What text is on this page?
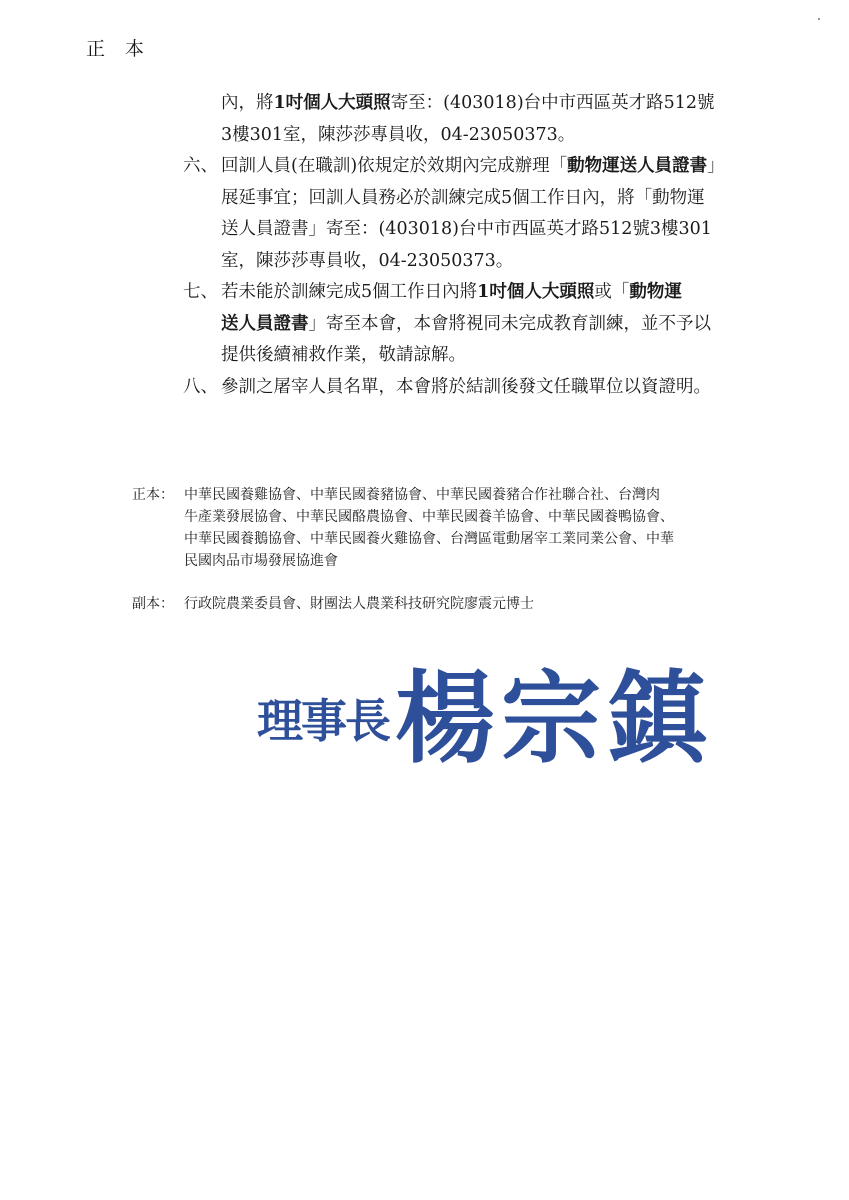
正本
內，將1吋個人大頭照寄至：(403018)台中市西區英才路512號
3樓301室，陳莎莎專員收，04-23050373。
六、 回訓人員(在職訓)依規定於效期內完成辦理「動物運送人員證書」
展延事宜；回訓人員務必於訓練完成5個工作日內，將「動物運
送人員證書」寄至：(403018)台中市西區英才路512號3樓301
室，陳莎莎專員收，04-23050373。
七、 若未能於訓練完成5個工作日內將1吋個人大頭照或「動物運
送人員證書」寄至本會，本會將視同未完成教育訓練，並不予以
提供後續補救作業，敬請諒解。
八、 參訓之屠宰人員名單，本會將於結訓後發文任職單位以資證明。
正本： 中華民國養雞協會、中華民國養豬協會、中華民國養豬合作社聯合社、台灣肉
牛產業發展協會、中華民國酪農協會、中華民國養羊協會、中華民國養鴨協會、
中華民國養鵝協會、中華民國養火雞協會、台灣區電動屠宰工業同業公會、中華
民國肉品市場發展協進會
副本： 行政院農業委員會、財團法人農業科技研究院廖震元博士
理事長 楊宗鎮
